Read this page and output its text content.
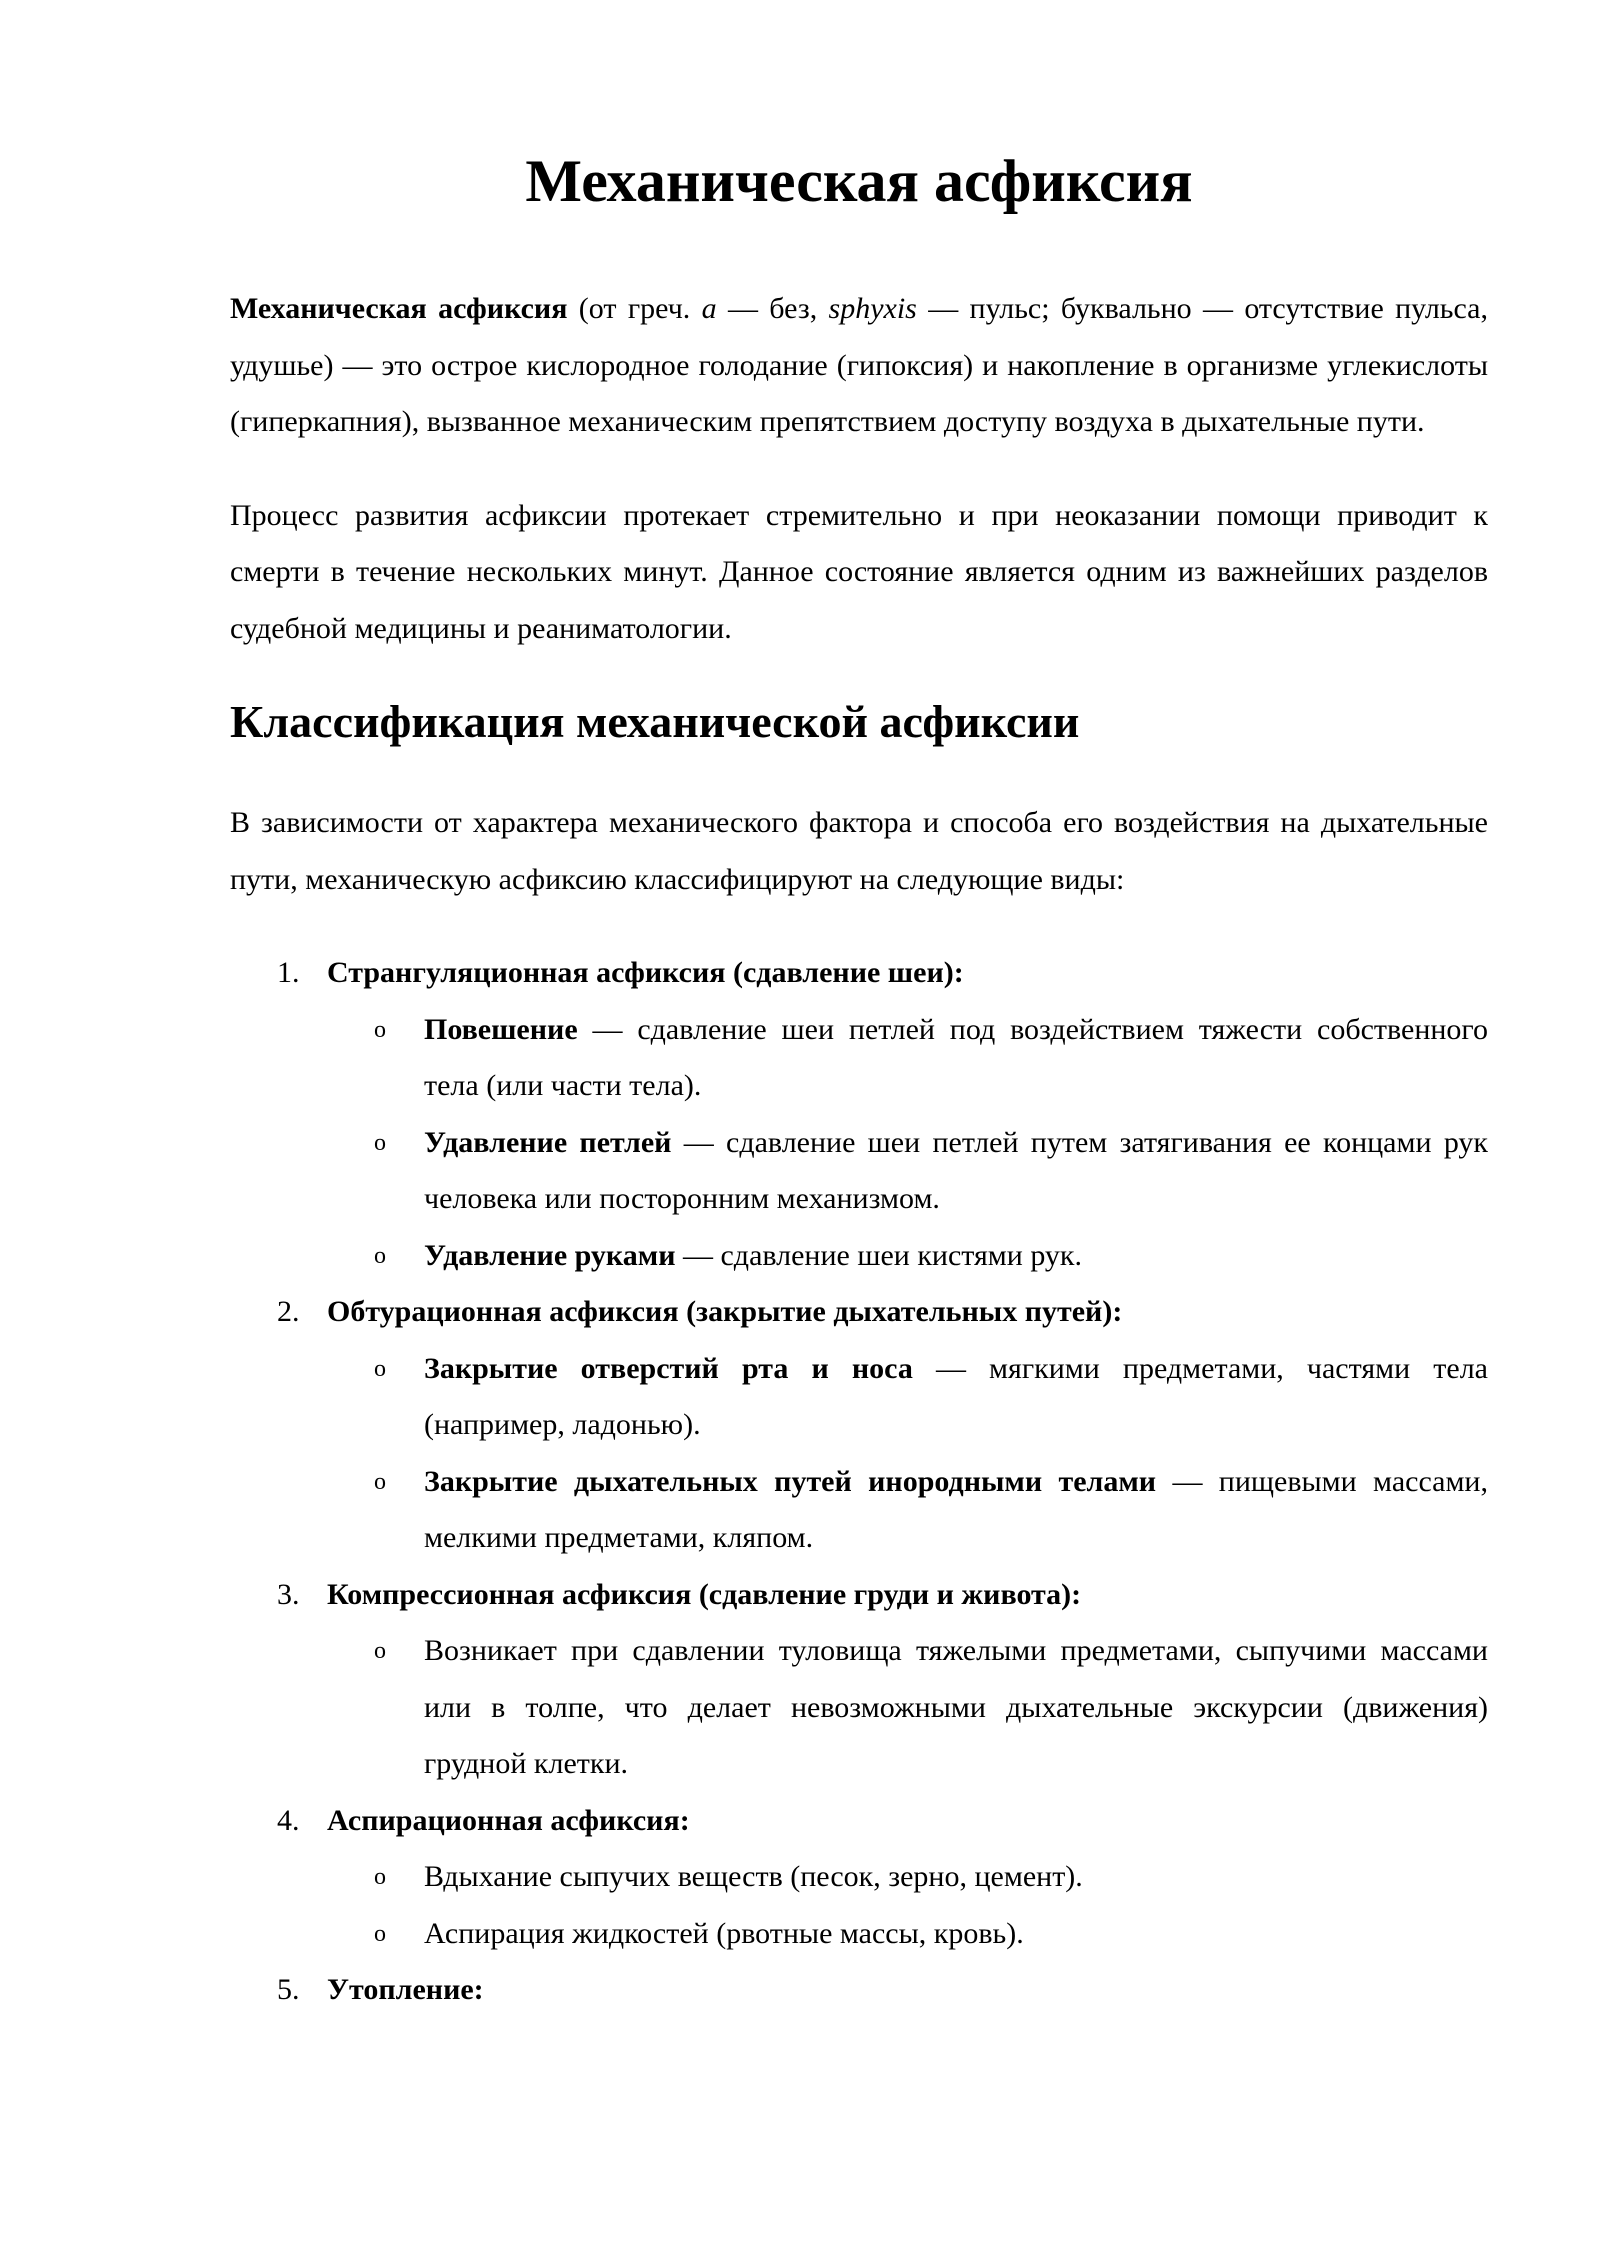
Механическая асфиксия

Механическая асфиксия (от греч. a — без, sphyxis — пульс; буквально — отсутствие пульса, удушье) — это острое кислородное голодание (гипоксия) и накопление в организме углекислоты (гиперкапния), вызванное механическим препятствием доступу воздуха в дыхательные пути.

Процесс развития асфиксии протекает стремительно и при неоказании помощи приводит к смерти в течение нескольких минут. Данное состояние является одним из важнейших разделов судебной медицины и реаниматологии.

Классификация механической асфиксии

В зависимости от характера механического фактора и способа его воздействия на дыхательные пути, механическую асфиксию классифицируют на следующие виды:

1. Странгуляционная асфиксия (сдавление шеи):
o Повешение — сдавление шеи петлей под воздействием тяжести собственного тела (или части тела).
o Удавление петлей — сдавление шеи петлей путем затягивания ее концами рук человека или посторонним механизмом.
o Удавление руками — сдавление шеи кистями рук.
2. Обтурационная асфиксия (закрытие дыхательных путей):
o Закрытие отверстий рта и носа — мягкими предметами, частями тела (например, ладонью).
o Закрытие дыхательных путей инородными телами — пищевыми массами, мелкими предметами, кляпом.
3. Компрессионная асфиксия (сдавление груди и живота):
o Возникает при сдавлении туловища тяжелыми предметами, сыпучими массами или в толпе, что делает невозможными дыхательные экскурсии (движения) грудной клетки.
4. Аспирационная асфиксия:
o Вдыхание сыпучих веществ (песок, зерно, цемент).
o Аспирация жидкостей (рвотные массы, кровь).
5. Утопление:
